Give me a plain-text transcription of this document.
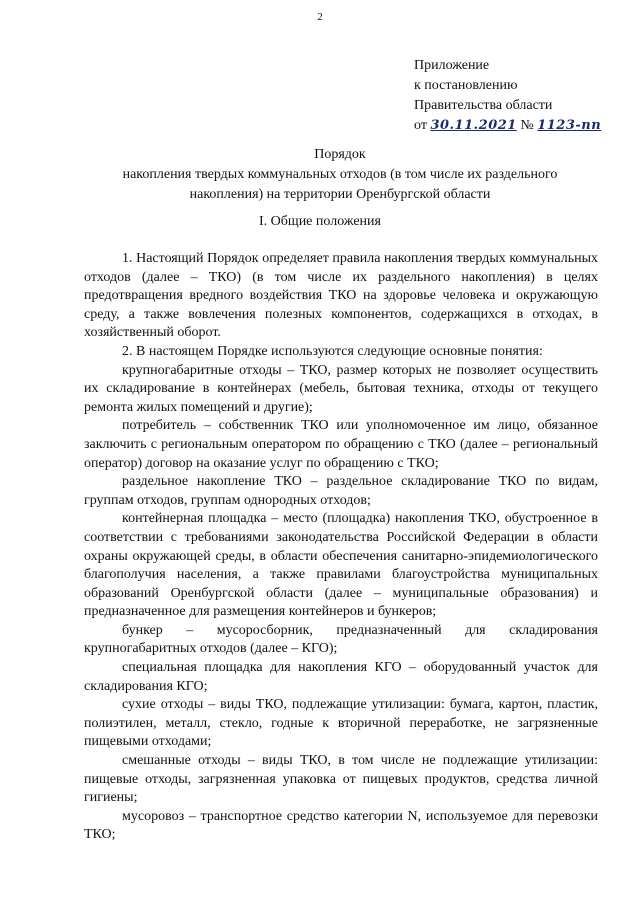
2
Приложение
к постановлению
Правительства области
от 30.11.2021 № 1123-пп
Порядок
накопления твердых коммунальных отходов (в том числе их раздельного
накопления) на территории Оренбургской области
I. Общие положения

1. Настоящий Порядок определяет правила накопления твердых коммунальных отходов (далее – ТКО) (в том числе их раздельного накопления) в целях предотвращения вредного воздействия ТКО на здоровье человека и окружающую среду, а также вовлечения полезных компонентов, содержащихся в отходах, в хозяйственный оборот.

2. В настоящем Порядке используются следующие основные понятия:

крупногабаритные отходы – ТКО, размер которых не позволяет осуществить их складирование в контейнерах (мебель, бытовая техника, отходы от текущего ремонта жилых помещений и другие);

потребитель – собственник ТКО или уполномоченное им лицо, обязанное заключить с региональным оператором по обращению с ТКО (далее – региональный оператор) договор на оказание услуг по обращению с ТКО;

раздельное накопление ТКО – раздельное складирование ТКО по видам, группам отходов, группам однородных отходов;

контейнерная площадка – место (площадка) накопления ТКО, обустроенное в соответствии с требованиями законодательства Российской Федерации в области охраны окружающей среды, в области обеспечения санитарно-эпидемиологического благополучия населения, а также правилами благоустройства муниципальных образований Оренбургской области (далее – муниципальные образования) и предназначенное для размещения контейнеров и бункеров;

бункер – мусоросборник, предназначенный для складирования крупногабаритных отходов (далее – КГО);

специальная площадка для накопления КГО – оборудованный участок для складирования КГО;

сухие отходы – виды ТКО, подлежащие утилизации: бумага, картон, пластик, полиэтилен, металл, стекло, годные к вторичной переработке, не загрязненные пищевыми отходами;

смешанные отходы – виды ТКО, в том числе не подлежащие утилизации: пищевые отходы, загрязненная упаковка от пищевых продуктов, средства личной гигиены;

мусоровоз – транспортное средство категории N, используемое для перевозки ТКО;
